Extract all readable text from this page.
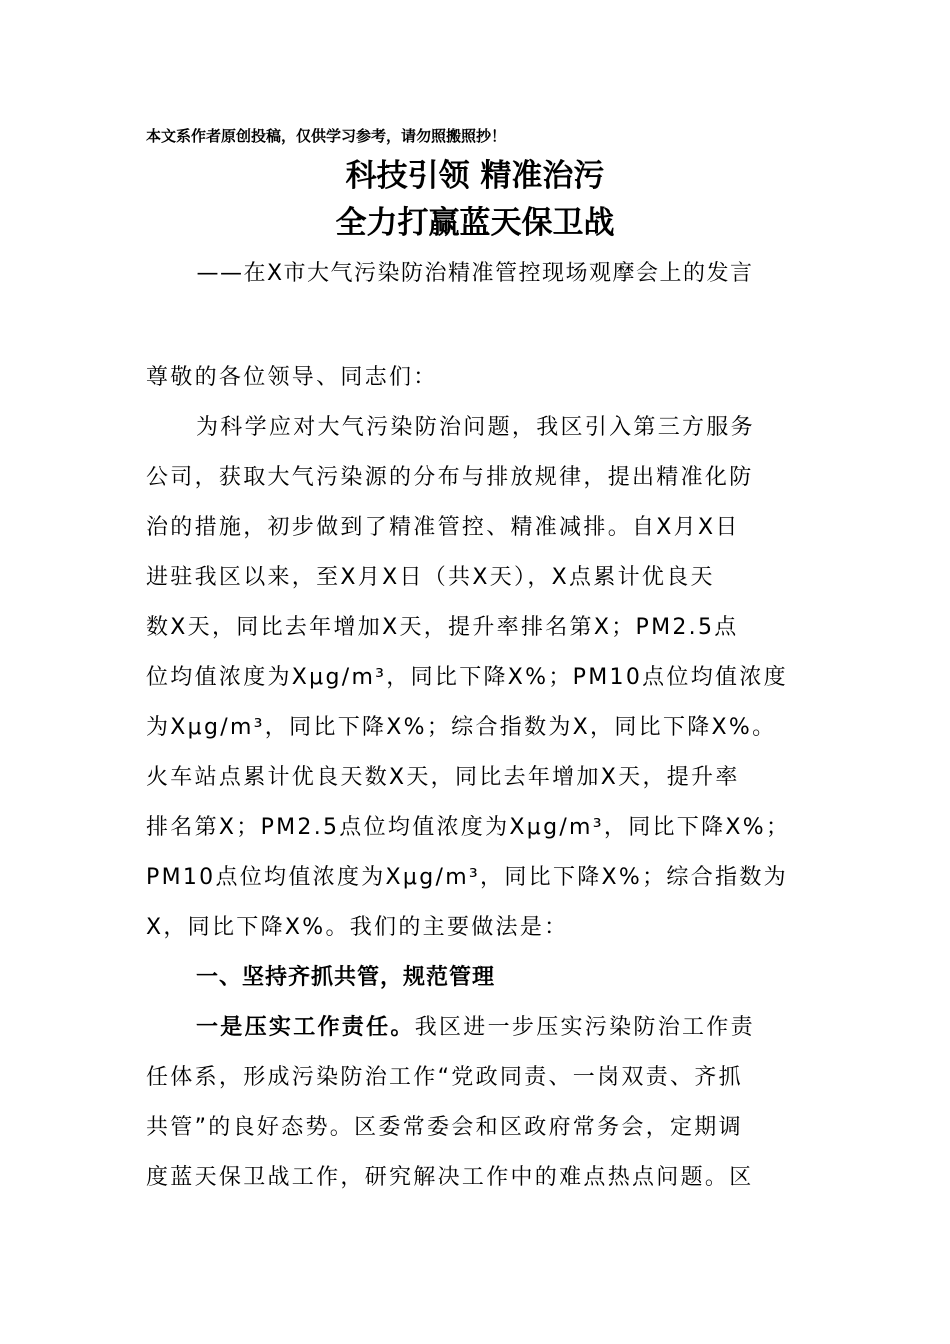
本文系作者原创投稿，仅供学习参考，请勿照搬照抄！
科技引领 精准治污
全力打赢蓝天保卫战
——在X市大气污染防治精准管控现场观摩会上的发言
尊敬的各位领导、同志们：
为科学应对大气污染防治问题，我区引入第三方服务
公司，获取大气污染源的分布与排放规律，提出精准化防
治的措施，初步做到了精准管控、精准减排。自X月X日
进驻我区以来，至X月X日（共X天），X点累计优良天
数X天，同比去年增加X天，提升率排名第X；PM2.5点
位均值浓度为Xμg/m³，同比下降X%；PM10点位均值浓度
为Xμg/m³，同比下降X%；综合指数为X，同比下降X%。
火车站点累计优良天数X天，同比去年增加X天，提升率
排名第X；PM2.5点位均值浓度为Xμg/m³，同比下降X%；
PM10点位均值浓度为Xμg/m³，同比下降X%；综合指数为
X，同比下降X%。我们的主要做法是：
一、坚持齐抓共管，规范管理
一是压实工作责任。我区进一步压实污染防治工作责
任体系，形成污染防治工作“党政同责、一岗双责、齐抓
共管”的良好态势。区委常委会和区政府常务会，定期调
度蓝天保卫战工作，研究解决工作中的难点热点问题。区
